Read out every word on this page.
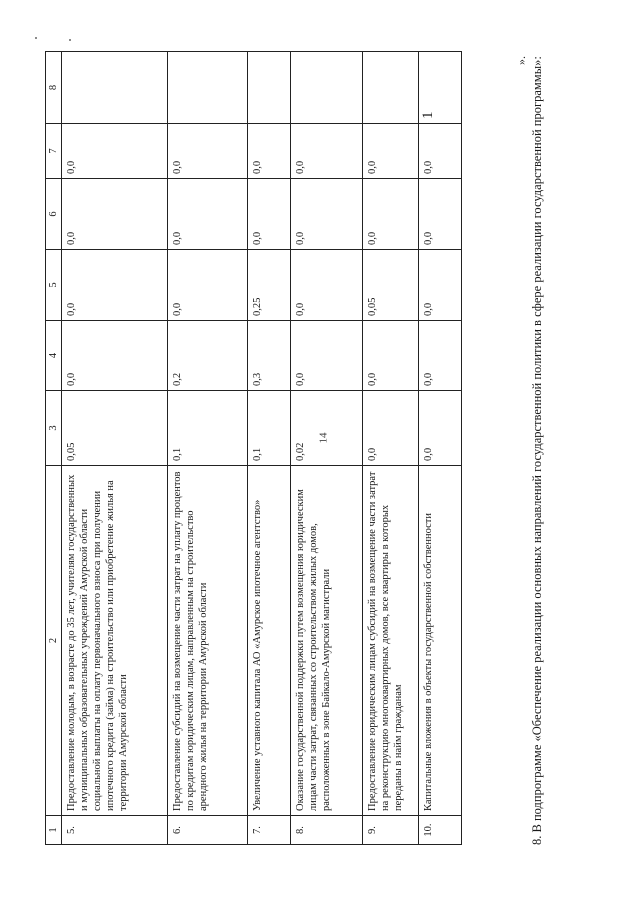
14
1	2	3	4	5	6	7	8
5.	Предоставление молодым, в возрасте до 35 лет, учителям государственных и муниципальных образовательных учреждений Амурской области социальной выплаты на оплату первоначального взноса при получении ипотечного кредита (займа) на строительство или приобретение жилья на территории Амурской области	0,05	0,0	0,0	0,0	0,0	
6.	Предоставление субсидий на возмещение части затрат на уплату процентов по кредитам юридическим лицам, направленным на строительство арендного жилья на территории Амурской области	0,1	0,2	0,0	0,0	0,0	
7.	Увеличение уставного капитала АО «Амурское ипотечное агентство»	0,1	0,3	0,25	0,0	0,0	
8.	Оказание государственной поддержки путем возмещения юридическим лицам части затрат, связанных со строительством жилых домов, расположенных в зоне Байкало-Амурской магистрали	0,02	0,0	0,0	0,0	0,0	
9.	Предоставление юридическим лицам субсидий на возмещение части затрат на реконструкцию многоквартирных домов, все квартиры в которых переданы в найм гражданам	0,0	0,0	0,05	0,0	0,0	
10.	Капитальные вложения в объекты государственной собственности	0,0	0,0	0,0	0,0	0,0	1
». 8. В подпрограмме «Обеспечение реализации основных направлений государственной политики в сфере реализации государственной программы»:
